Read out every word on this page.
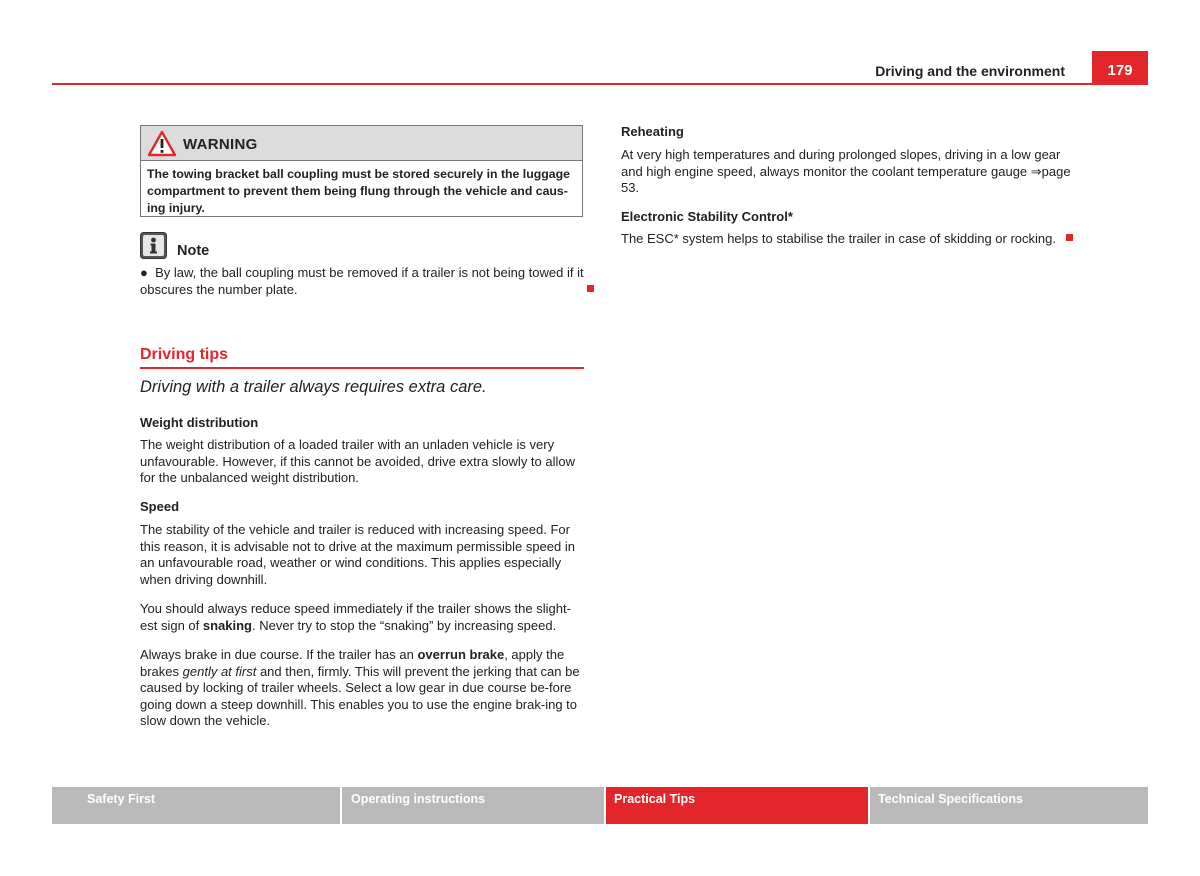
Driving and the environment	179
WARNING
The towing bracket ball coupling must be stored securely in the luggage compartment to prevent them being flung through the vehicle and caus-ing injury.
Note
● By law, the ball coupling must be removed if a trailer is not being towed if it obscures the number plate.
Driving tips
Driving with a trailer always requires extra care.
Weight distribution
The weight distribution of a loaded trailer with an unladen vehicle is very unfavourable. However, if this cannot be avoided, drive extra slowly to allow for the unbalanced weight distribution.
Speed
The stability of the vehicle and trailer is reduced with increasing speed. For this reason, it is advisable not to drive at the maximum permissible speed in an unfavourable road, weather or wind conditions. This applies especially when driving downhill.
You should always reduce speed immediately if the trailer shows the slight-est sign of snaking. Never try to stop the “snaking” by increasing speed.
Always brake in due course. If the trailer has an overrun brake, apply the brakes gently at first and then, firmly. This will prevent the jerking that can be caused by locking of trailer wheels. Select a low gear in due course be-fore going down a steep downhill. This enables you to use the engine brak-ing to slow down the vehicle.
Reheating
At very high temperatures and during prolonged slopes, driving in a low gear and high engine speed, always monitor the coolant temperature gauge ⇒page 53.
Electronic Stability Control*
The ESC* system helps to stabilise the trailer in case of skidding or rocking.
Safety First	Operating instructions	Practical Tips	Technical Specifications
